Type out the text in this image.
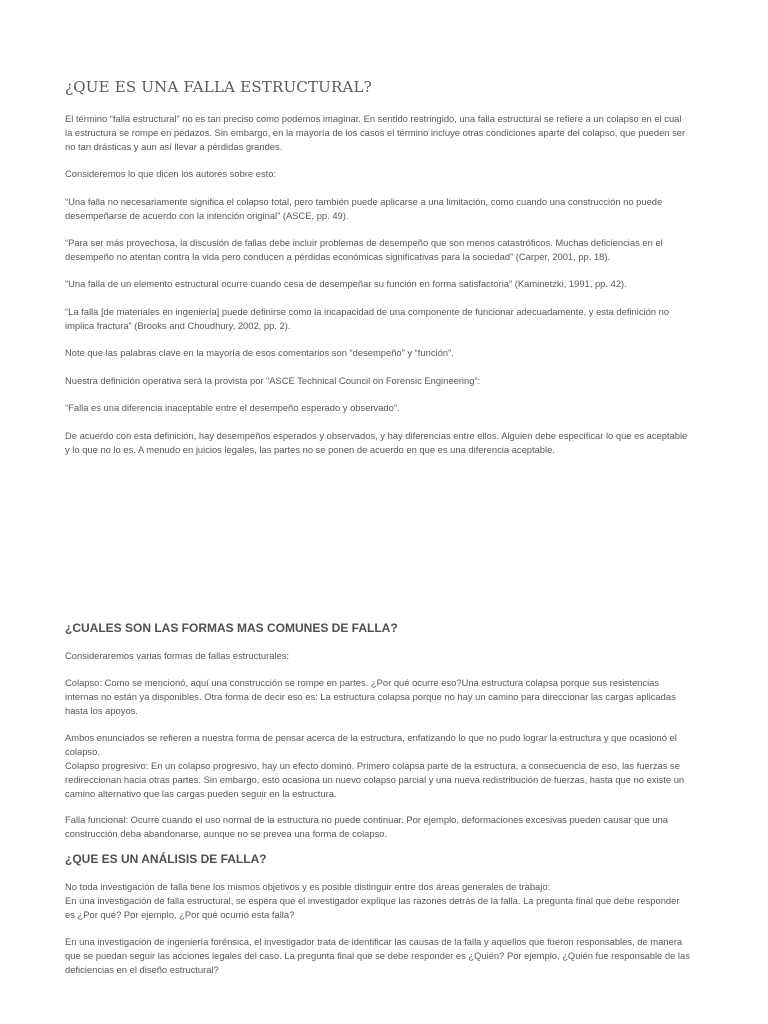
¿QUE ES UNA FALLA ESTRUCTURAL?
El término “falla estructural” no es tan preciso como podemos imaginar. En sentido restringido, una falla estructural se refiere a un colapso en el cual
la estructura se rompe en pedazos. Sin embargo, en la mayoría de los casos el término incluye otras condiciones aparte del colapso, que pueden ser
no tan drásticas y aun así llevar a pérdidas grandes.
Consideremos lo que dicen los autores sobre esto:
“Una falla no necesariamente significa el colapso total, pero también puede aplicarse a una limitación, como cuando una construcción no puede
desempeñarse de acuerdo con la intención original” (ASCE, pp. 49).
“Para ser más provechosa, la discusión de fallas debe incluir problemas de desempeño que son menos catastróficos. Muchas deficiencias en el
desempeño no atentan contra la vida pero conducen a pérdidas económicas significativas para la sociedad” (Carper, 2001, pp. 18).
“Una falla de un elemento estructural ocurre cuando cesa de desempeñar su función en forma satisfactoria” (Kaminetzki, 1991, pp. 42).
“La falla [de materiales en ingeniería] puede definirse como la incapacidad de una componente de funcionar adecuadamente, y esta definición no
implica fractura” (Brooks and Choudhury, 2002, pp. 2).
Note que las palabras clave en la mayoría de esos comentarios son “desempeño” y “función”.
Nuestra definición operativa será la provista por “ASCE Technical Council on Forensic Engineering”:
“Falla es una diferencia inaceptable entre el desempeño esperado y observado”.
De acuerdo con esta definición, hay desempeños esperados y observados, y hay diferencias entre ellos. Alguien debe especificar lo que es aceptable
y lo que no lo es. A menudo en juicios legales, las partes no se ponen de acuerdo en que es una diferencia aceptable.
¿CUALES SON LAS FORMAS MAS COMUNES DE FALLA?
Consideraremos varias formas de fallas estructurales:
Colapso: Como se mencionó, aquí una construcción se rompe en partes. ¿Por qué ocurre eso?Una estructura colapsa porque sus resistencias
internas no están ya disponibles. Otra forma de decir eso es: La estructura colapsa porque no hay un camino para direccionar las cargas aplicadas
hasta los apoyos.
Ambos enunciados se refieren a nuestra forma de pensar acerca de la estructura, enfatizando lo que no pudo lograr la estructura y que ocasionó el
colapso.
Colapso progresivo: En un colapso progresivo, hay un efecto dominó. Primero colapsa parte de la estructura, a consecuencia de eso, las fuerzas se
redireccionan hacia otras partes. Sin embargo, esto ocasiona un nuevo colapso parcial y una nueva redistribución de fuerzas, hasta que no existe un
camino alternativo que las cargas pueden seguir en la estructura.
Falla funcional: Ocurre cuando el uso normal de la estructura no puede continuar. Por ejemplo, deformaciones excesivas pueden causar que una
construcción deba abandonarse, aunque no se prevea una forma de colapso.
¿QUE ES UN ANÁLISIS DE FALLA?
No toda investigación de falla tiene los mismos objetivos y es posible distinguir entre dos áreas generales de trabajo:
En una investigación de falla estructural, se espera que el investigador explique las razones detrás de la falla. La pregunta final que debe responder
es ¿Por qué? Por ejemplo, ¿Por qué ocurrió esta falla?
En una investigación de ingeniería forénsica, el investigador trata de identificar las causas de la falla y aquellos que fueron responsables, de manera
que se puedan seguir las acciones legales del caso. La pregunta final que se debe responder es ¿Quién? Por ejemplo, ¿Quién fue responsable de las
deficiencias en el diseño estructural?
